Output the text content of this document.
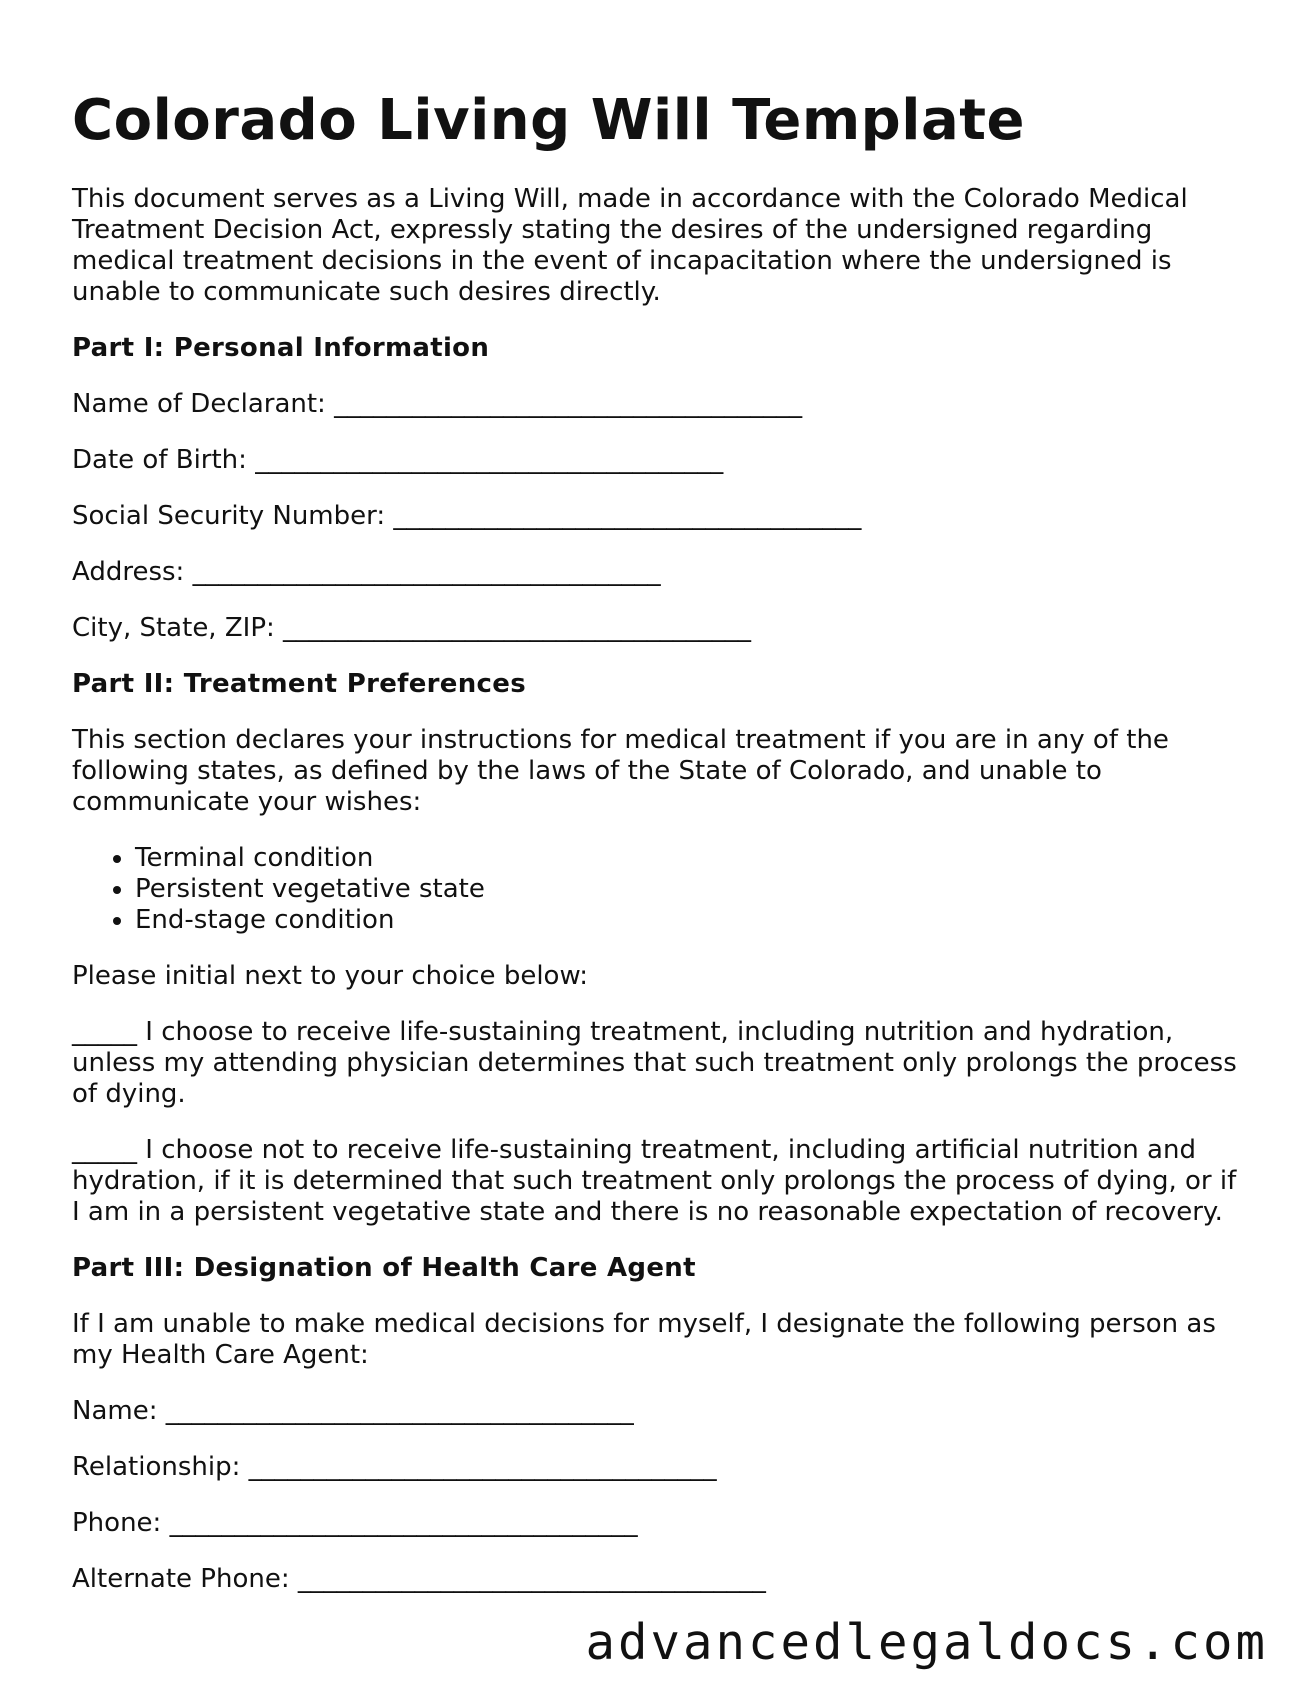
Colorado Living Will Template

This document serves as a Living Will, made in accordance with the Colorado Medical Treatment Decision Act, expressly stating the desires of the undersigned regarding medical treatment decisions in the event of incapacitation where the undersigned is unable to communicate such desires directly.

Part I: Personal Information
Name of Declarant: ____________________________________
Date of Birth: ____________________________________
Social Security Number: ____________________________________
Address: ____________________________________
City, State, ZIP: ____________________________________
Part II: Treatment Preferences

This section declares your instructions for medical treatment if you are in any of the following states, as defined by the laws of the State of Colorado, and unable to communicate your wishes:

• Terminal condition
• Persistent vegetative state
• End-stage condition

Please initial next to your choice below:

_____ I choose to receive life-sustaining treatment, including nutrition and hydration, unless my attending physician determines that such treatment only prolongs the process of dying.

_____ I choose not to receive life-sustaining treatment, including artificial nutrition and hydration, if it is determined that such treatment only prolongs the process of dying, or if I am in a persistent vegetative state and there is no reasonable expectation of recovery.

Part III: Designation of Health Care Agent

If I am unable to make medical decisions for myself, I designate the following person as my Health Care Agent:

Name: ____________________________________
Relationship: ____________________________________
Phone: ____________________________________
Alternate Phone: ____________________________________
advancedlegaldocs.com
